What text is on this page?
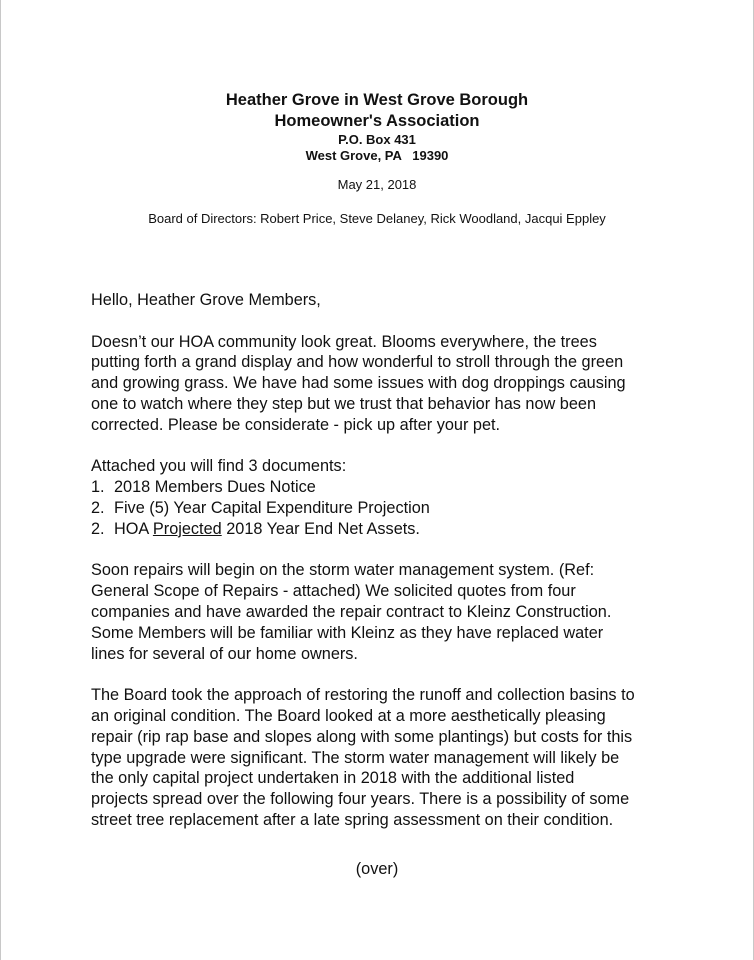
Heather Grove in West Grove Borough

Homeowner's Association

P.O. Box 431

West Grove, PA   19390

May 21, 2018
Board of Directors: Robert Price, Steve Delaney, Rick Woodland, Jacqui Eppley

Hello, Heather Grove Members,

Doesn’t our HOA community look great. Blooms everywhere, the trees
putting forth a grand display and how wonderful to stroll through the green
and growing grass. We have had some issues with dog droppings causing
one to watch where they step but we trust that behavior has now been
corrected. Please be considerate - pick up after your pet.

Attached you will find 3 documents:
1. 2018 Members Dues Notice
2. Five (5) Year Capital Expenditure Projection
2. HOA Projected 2018 Year End Net Assets.

Soon repairs will begin on the storm water management system. (Ref:
General Scope of Repairs - attached) We solicited quotes from four
companies and have awarded the repair contract to Kleinz Construction.
Some Members will be familiar with Kleinz as they have replaced water
lines for several of our home owners.

The Board took the approach of restoring the runoff and collection basins to
an original condition. The Board looked at a more aesthetically pleasing
repair (rip rap base and slopes along with some plantings) but costs for this
type upgrade were significant. The storm water management will likely be
the only capital project undertaken in 2018 with the additional listed
projects spread over the following four years. There is a possibility of some
street tree replacement after a late spring assessment on their condition.

(over)
